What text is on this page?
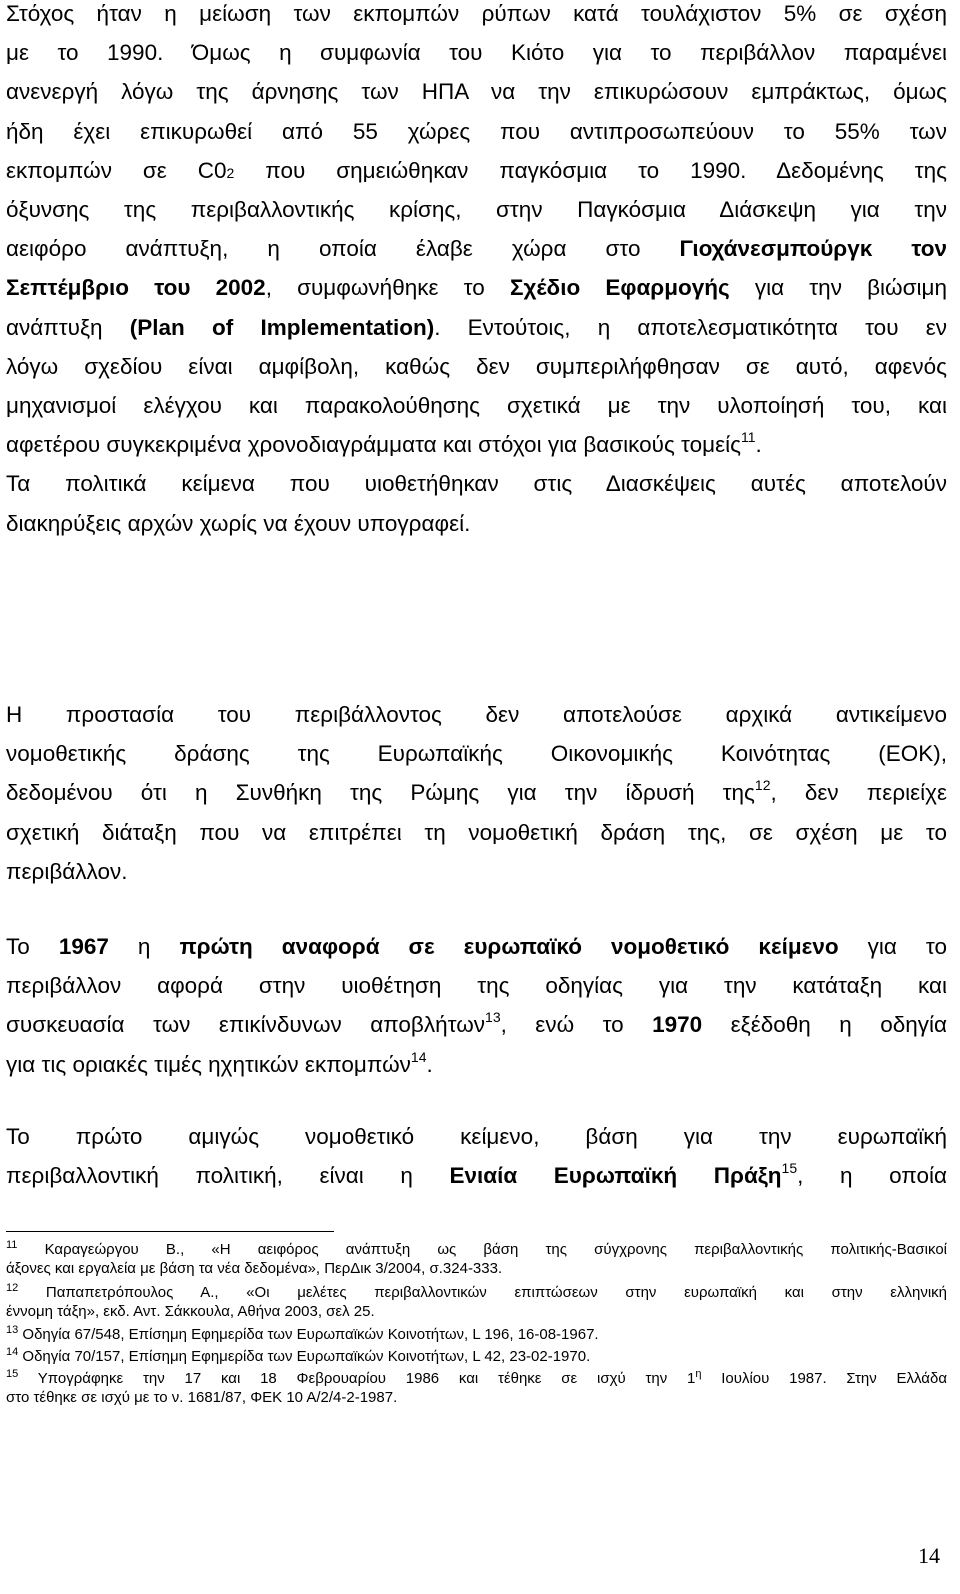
Στόχος ήταν η μείωση των εκπομπών ρύπων κατά τουλάχιστον 5% σε σχέση
με το 1990. Όμως η συμφωνία του Κιότο για το περιβάλλον παραμένει
ανενεργή λόγω της άρνησης των ΗΠΑ να την επικυρώσουν εμπράκτως, όμως
ήδη έχει επικυρωθεί από 55 χώρες που αντιπροσωπεύουν το 55% των
εκπομπών σε C02 που σημειώθηκαν παγκόσμια το 1990. Δεδομένης της
όξυνσης της περιβαλλοντικής κρίσης, στην Παγκόσμια Διάσκεψη για την
αειφόρο ανάπτυξη, η οποία έλαβε χώρα στο Γιοχάνεσμπούργκ τον
Σεπτέμβριο του 2002, συμφωνήθηκε το Σχέδιο Εφαρμογής για την βιώσιμη
ανάπτυξη (Plan of Implementation). Εντούτοις, η αποτελεσματικότητα του εν
λόγω σχεδίου είναι αμφίβολη, καθώς δεν συμπεριλήφθησαν σε αυτό, αφενός
μηχανισμοί ελέγχου και παρακολούθησης σχετικά με την υλοποίησή του, και
αφετέρου συγκεκριμένα χρονοδιαγράμματα και στόχοι για βασικούς τομείς$^{11}$.
Τα πολιτικά κείμενα που υιοθετήθηκαν στις Διασκέψεις αυτές αποτελούν
διακηρύξεις αρχών χωρίς να έχουν υπογραφεί.
Η προστασία του περιβάλλοντος δεν αποτελούσε αρχικά αντικείμενο
νομοθετικής δράσης της Ευρωπαϊκής Οικονομικής Κοινότητας (ΕΟΚ),
δεδομένου ότι η Συνθήκη της Ρώμης για την ίδρυσή της$^{12}$, δεν περιείχε
σχετική διάταξη που να επιτρέπει τη νομοθετική δράση της, σε σχέση με το
περιβάλλον.
Το 1967 η πρώτη αναφορά σε ευρωπαϊκό νομοθετικό κείμενο για το
περιβάλλον αφορά στην υιοθέτηση της οδηγίας για την κατάταξη και
συσκευασία των επικίνδυνων αποβλήτων$^{13}$, ενώ το 1970 εξέδοθη η οδηγία
για τις οριακές τιμές ηχητικών εκπομπών$^{14}$.
Το πρώτο αμιγώς νομοθετικό κείμενο, βάση για την ευρωπαϊκή
περιβαλλοντική πολιτική, είναι η Ενιαία Ευρωπαϊκή Πράξη$^{15}$, η οποία
$^{11}$ Καραγεώργου Β., «Η αειφόρος ανάπτυξη ως βάση της σύγχρονης περιβαλλοντικής πολιτικής-Βασικοί
άξονες και εργαλεία με βάση τα νέα δεδομένα», ΠερΔικ 3/2004, σ.324-333.
$^{12}$ Παπαπετρόπουλος Α., «Οι μελέτες περιβαλλοντικών επιπτώσεων στην ευρωπαϊκή και στην ελληνική
έννομη τάξη», εκδ. Αντ. Σάκκουλα, Αθήνα 2003, σελ 25.
$^{13}$ Οδηγία 67/548, Επίσημη Εφημερίδα των Ευρωπαϊκών Κοινοτήτων, L 196, 16-08-1967.
$^{14}$ Οδηγία 70/157, Επίσημη Εφημερίδα των Ευρωπαϊκών Κοινοτήτων, L 42, 23-02-1970.
$^{15}$ Υπογράφηκε την 17 και 18 Φεβρουαρίου 1986 και τέθηκε σε ισχύ την $1^\eta$ Ιουλίου 1987. Στην Ελλάδα
στο τέθηκε σε ισχύ με το ν. 1681/87, ΦΕΚ 10 Α/2/4-2-1987.
14
